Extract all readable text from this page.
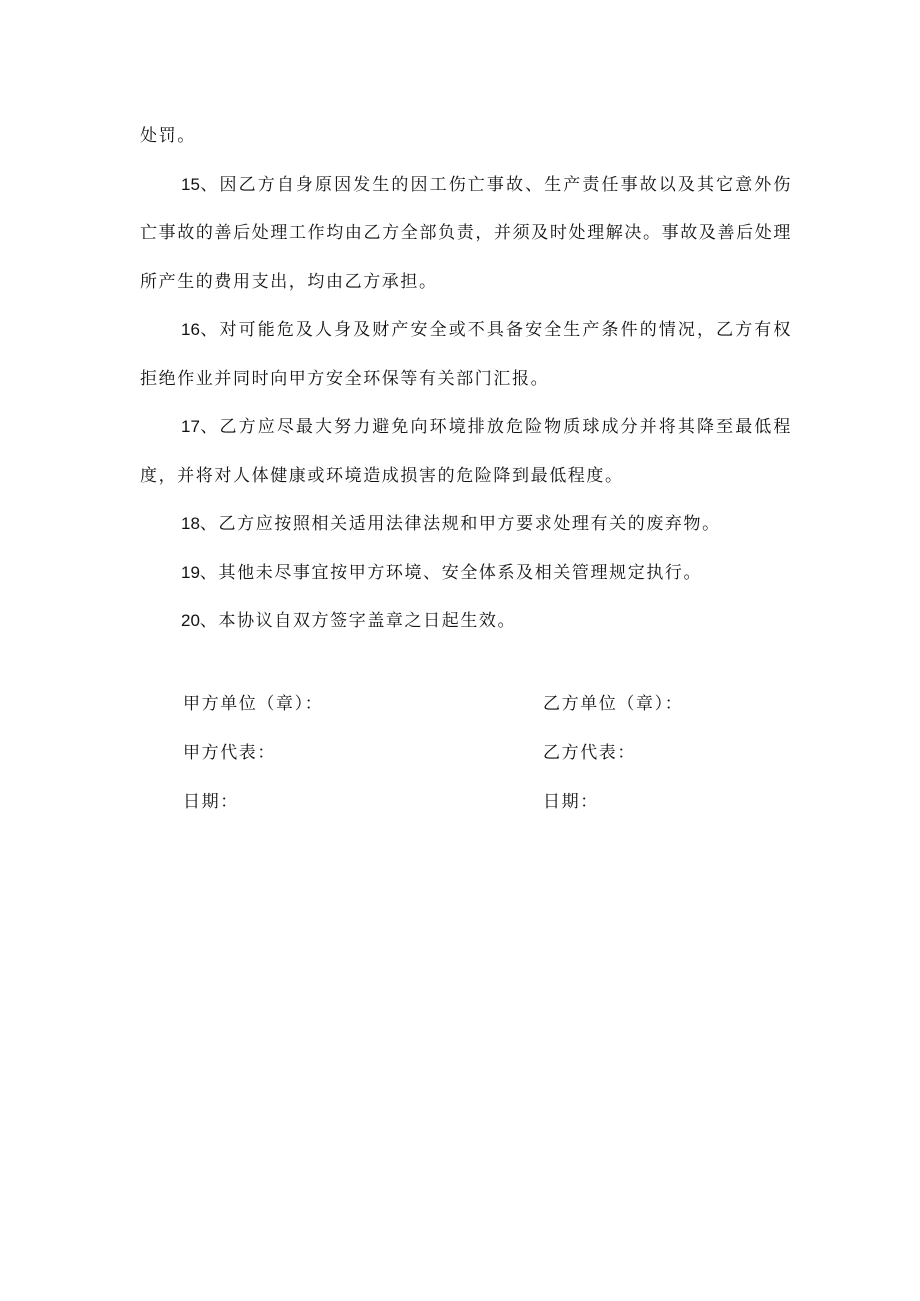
处罚。

15、因乙方自身原因发生的因工伤亡事故、生产责任事故以及其它意外伤亡事故的善后处理工作均由乙方全部负责，并须及时处理解决。事故及善后处理所产生的费用支出，均由乙方承担。

16、对可能危及人身及财产安全或不具备安全生产条件的情况，乙方有权拒绝作业并同时向甲方安全环保等有关部门汇报。

17、乙方应尽最大努力避免向环境排放危险物质球成分并将其降至最低程度，并将对人体健康或环境造成损害的危险降到最低程度。

18、乙方应按照相关适用法律法规和甲方要求处理有关的废弃物。

19、其他未尽事宜按甲方环境、安全体系及相关管理规定执行。

20、本协议自双方签字盖章之日起生效。

甲方单位（章）：	乙方单位（章）：
甲方代表：	乙方代表：
日期：	日期：
